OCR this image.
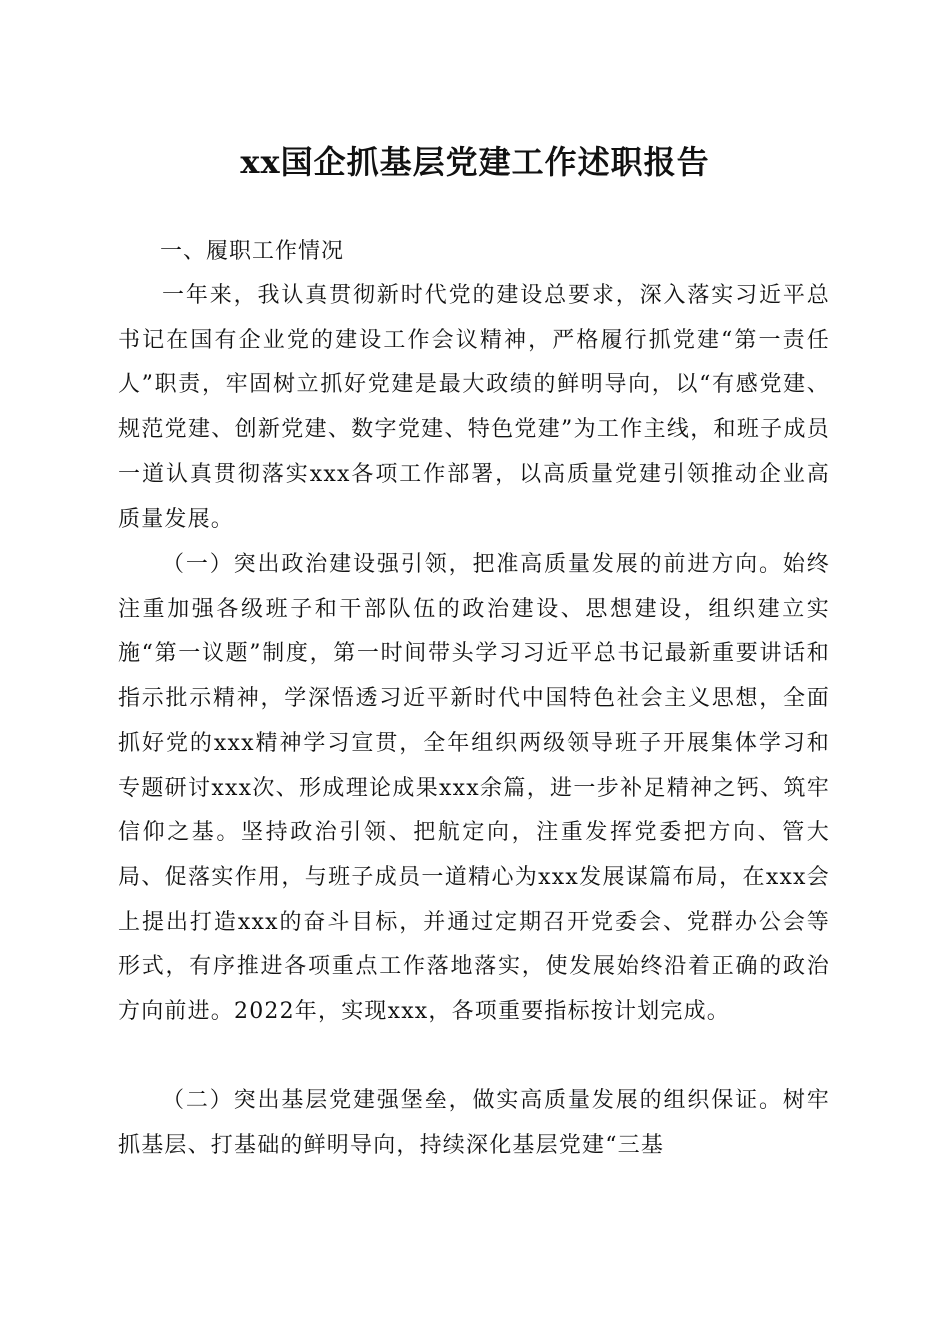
xx国企抓基层党建工作述职报告
一、履职工作情况
一年来，我认真贯彻新时代党的建设总要求，深入落实习近平总书记在国有企业党的建设工作会议精神，严格履行抓党建“第一责任人”职责，牢固树立抓好党建是最大政绩的鲜明导向，以“有感党建、规范党建、创新党建、数字党建、特色党建”为工作主线，和班子成员一道认真贯彻落实xxx各项工作部署，以高质量党建引领推动企业高质量发展。
（一）突出政治建设强引领，把准高质量发展的前进方向。始终注重加强各级班子和干部队伍的政治建设、思想建设，组织建立实施“第一议题”制度，第一时间带头学习习近平总书记最新重要讲话和指示批示精神，学深悟透习近平新时代中国特色社会主义思想，全面抓好党的xxx精神学习宣贯，全年组织两级领导班子开展集体学习和专题研讨xxx次、形成理论成果xxx余篇，进一步补足精神之钙、筑牢信仰之基。坚持政治引领、把航定向，注重发挥党委把方向、管大局、促落实作用，与班子成员一道精心为xxx发展谋篇布局，在xxx会上提出打造xxx的奋斗目标，并通过定期召开党委会、党群办公会等形式，有序推进各项重点工作落地落实，使发展始终沿着正确的政治方向前进。2022年，实现xxx，各项重要指标按计划完成。
（二）突出基层党建强堡垒，做实高质量发展的组织保证。树牢抓基层、打基础的鲜明导向，持续深化基层党建“三基
